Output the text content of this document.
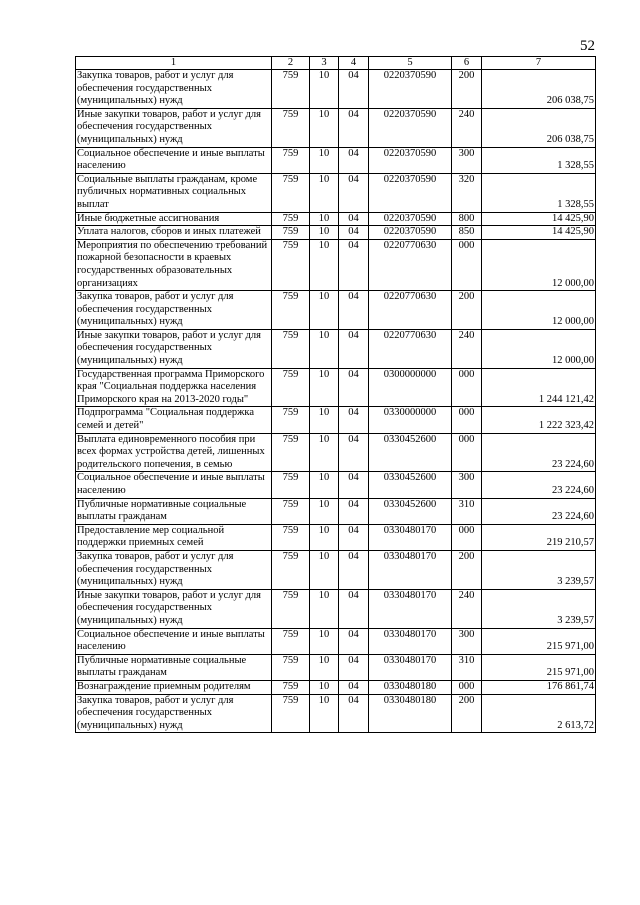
52
1	2	3	4	5	6	7
Закупка товаров, работ и услуг для обеспечения государственных (муниципальных) нужд	759	10	04	0220370590	200	206 038,75
Иные закупки товаров, работ и услуг для обеспечения государственных (муниципальных) нужд	759	10	04	0220370590	240	206 038,75
Социальное обеспечение и иные выплаты населению	759	10	04	0220370590	300	1 328,55
Социальные выплаты гражданам, кроме публичных нормативных социальных выплат	759	10	04	0220370590	320	1 328,55
Иные бюджетные ассигнования	759	10	04	0220370590	800	14 425,90
Уплата налогов, сборов и иных платежей	759	10	04	0220370590	850	14 425,90
Мероприятия по обеспечению требований пожарной безопасности в краевых государственных образовательных организациях	759	10	04	0220770630	000	12 000,00
Закупка товаров, работ и услуг для обеспечения государственных (муниципальных) нужд	759	10	04	0220770630	200	12 000,00
Иные закупки товаров, работ и услуг для обеспечения государственных (муниципальных) нужд	759	10	04	0220770630	240	12 000,00
Государственная программа Приморского края "Социальная поддержка населения Приморского края на 2013-2020 годы"	759	10	04	0300000000	000	1 244 121,42
Подпрограмма "Социальная поддержка семей и детей"	759	10	04	0330000000	000	1 222 323,42
Выплата единовременного пособия при всех формах устройства детей, лишенных родительского попечения, в семью	759	10	04	0330452600	000	23 224,60
Социальное обеспечение и иные выплаты населению	759	10	04	0330452600	300	23 224,60
Публичные нормативные социальные выплаты гражданам	759	10	04	0330452600	310	23 224,60
Предоставление мер социальной поддержки приемных семей	759	10	04	0330480170	000	219 210,57
Закупка товаров, работ и услуг для обеспечения государственных (муниципальных) нужд	759	10	04	0330480170	200	3 239,57
Иные закупки товаров, работ и услуг для обеспечения государственных (муниципальных) нужд	759	10	04	0330480170	240	3 239,57
Социальное обеспечение и иные выплаты населению	759	10	04	0330480170	300	215 971,00
Публичные нормативные социальные выплаты гражданам	759	10	04	0330480170	310	215 971,00
Вознаграждение приемным родителям	759	10	04	0330480180	000	176 861,74
Закупка товаров, работ и услуг для обеспечения государственных (муниципальных) нужд	759	10	04	0330480180	200	2 613,72
